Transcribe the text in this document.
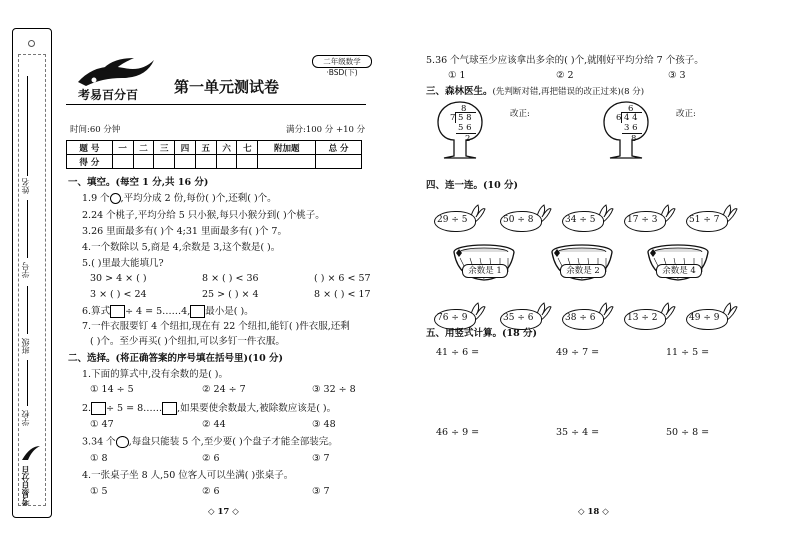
姓名
学号
班级
学校
考易百分百
考易百分百 第一单元测试卷
二年级数学·BSD(下)
时间:60 分钟	满分:100 分 +10 分
题 号	一	二	三	四	五	六	七	附加题	总 分
得 分									
一、填空。(每空 1 分,共 16 分)
1.9 个 ,平均分成 2 份,每份( )个,还剩( )个。
2.24 个桃子,平均分给 5 只小猴,每只小猴分到( )个桃子。
3.26 里面最多有( )个 4;31 里面最多有( )个 7。
4.一个数除以 5,商是 4,余数是 3,这个数是( )。
5.( )里最大能填几?
30 > 4 × ( )	8 × ( ) < 36	( ) × 6 < 57
3 × ( ) < 24	25 > ( ) × 4	8 × ( ) < 17
6.算式 ÷ 4 = 5……4, 最小是( )。
7.一件衣服要钉 4 个纽扣,现在有 22 个纽扣,能钉( )件衣服,还剩
( )个。至少再买( )个纽扣,可以多钉一件衣服。
二、选择。(将正确答案的序号填在括号里)(10 分)
1.下面的算式中,没有余数的是( )。
① 14 ÷ 5	② 24 ÷ 7	③ 32 ÷ 8
2. ÷ 5 = 8…… ,如果要使余数最大,被除数应该是( )。
① 47	② 44	③ 48
3.34 个 ,每盘只能装 5 个,至少要( )个盘子才能全部装完。
① 8	② 6	③ 7
4.一张桌子坐 8 人,50 位客人可以坐满( )张桌子。
① 5	② 6	③ 7
◇ 17 ◇
5.36 个气球至少应该拿出多余的( )个,就刚好平均分给 7 个孩子。
① 1	② 2	③ 3
三、森林医生。(先判断对错,再把错误的改正过来)(8 分)
8
7 5 8
5 6
2
改正:	6
6 4 4
3 6
8
改正:
四、连一连。(10 分)
29 ÷ 5	50 ÷ 8	34 ÷ 5	17 ÷ 3	51 ÷ 7
余数是 1	余数是 2	余数是 4
76 ÷ 9	35 ÷ 6	38 ÷ 6	13 ÷ 2	49 ÷ 9
五、用竖式计算。(18 分)
41 ÷ 6 =	49 ÷ 7 =	11 ÷ 5 =
46 ÷ 9 =	35 ÷ 4 =	50 ÷ 8 =
◇ 18 ◇
